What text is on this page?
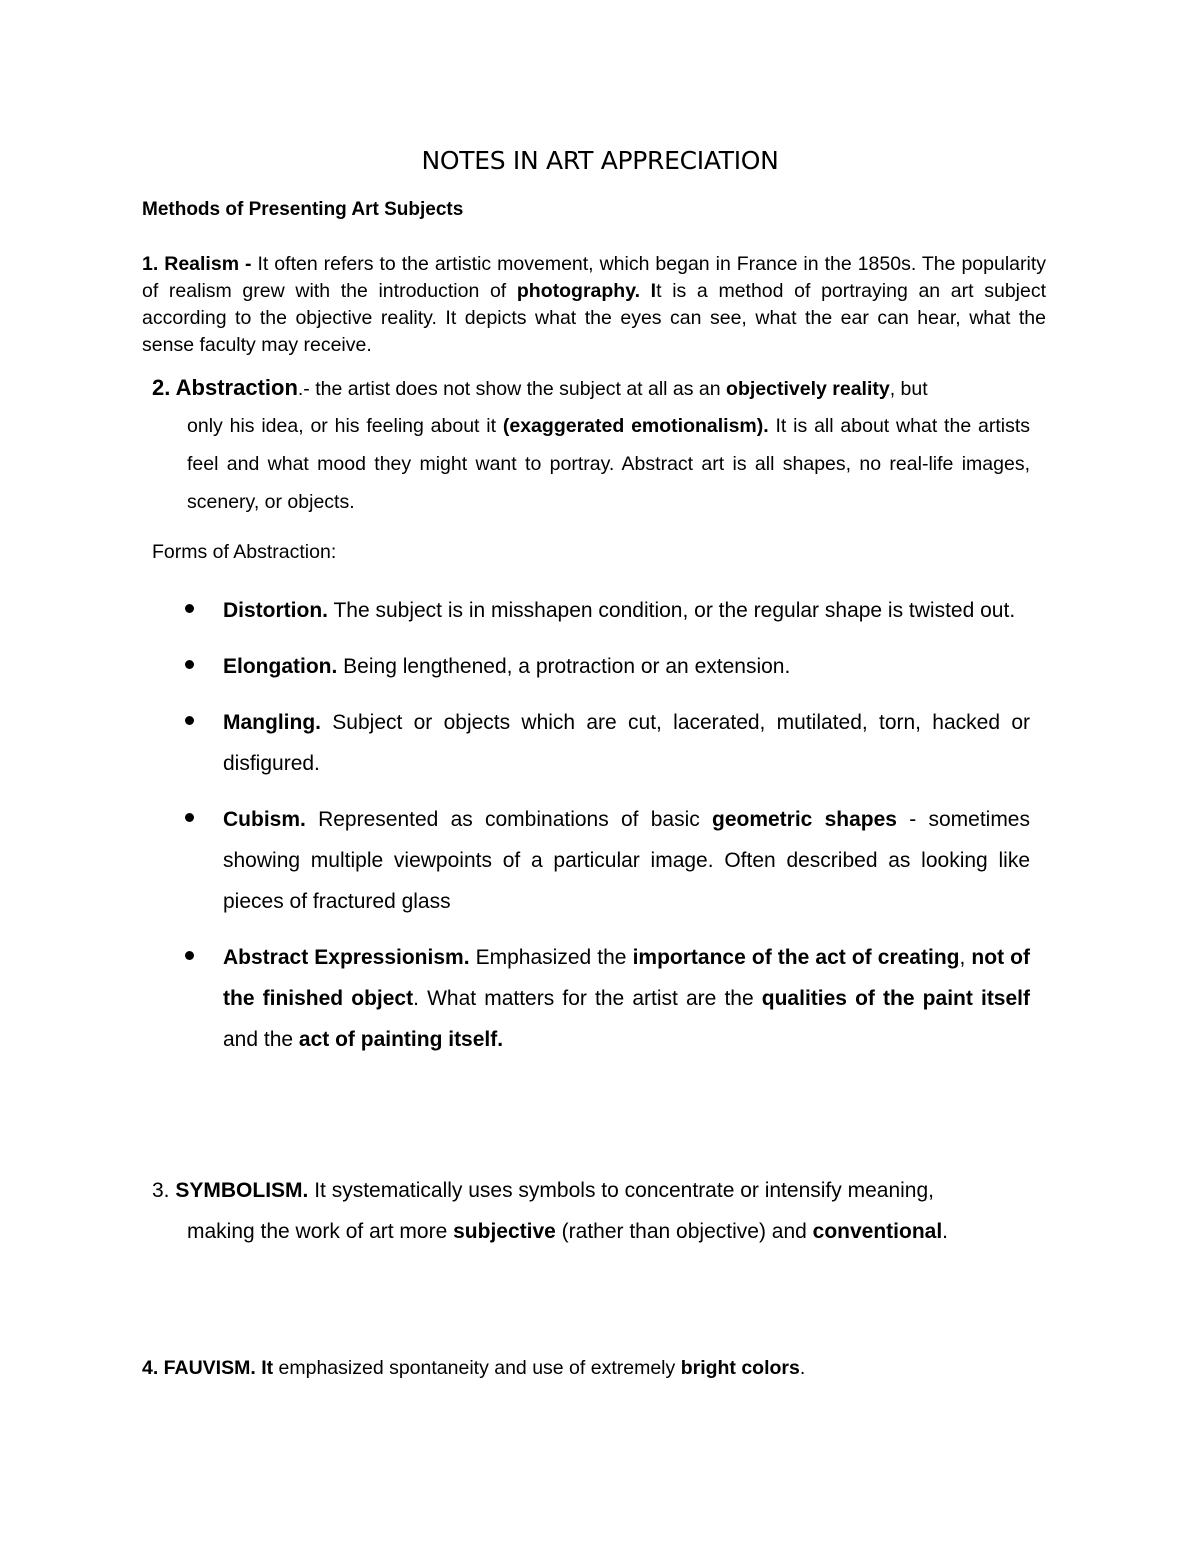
NOTES IN ART APPRECIATION
Methods of Presenting Art Subjects
1. Realism - It often refers to the artistic movement, which began in France in the 1850s. The popularity of realism grew with the introduction of photography. It is a method of portraying an art subject according to the objective reality. It depicts what the eyes can see, what the ear can hear, what the sense faculty may receive.
2. Abstraction.- the artist does not show the subject at all as an objectively reality, but
only his idea, or his feeling about it (exaggerated emotionalism). It is all about what the artists feel and what mood they might want to portray. Abstract art is all shapes, no real-life images, scenery, or objects.
Forms of Abstraction:
Distortion. The subject is in misshapen condition, or the regular shape is twisted out.
Elongation. Being lengthened, a protraction or an extension.
Mangling. Subject or objects which are cut, lacerated, mutilated, torn, hacked or disfigured.
Cubism. Represented as combinations of basic geometric shapes - sometimes showing multiple viewpoints of a particular image. Often described as looking like pieces of fractured glass
Abstract Expressionism. Emphasized the importance of the act of creating, not of the finished object. What matters for the artist are the qualities of the paint itself and the act of painting itself.
3. SYMBOLISM. It systematically uses symbols to concentrate or intensify meaning,
making the work of art more subjective (rather than objective) and conventional.
4. FAUVISM. It emphasized spontaneity and use of extremely bright colors.
